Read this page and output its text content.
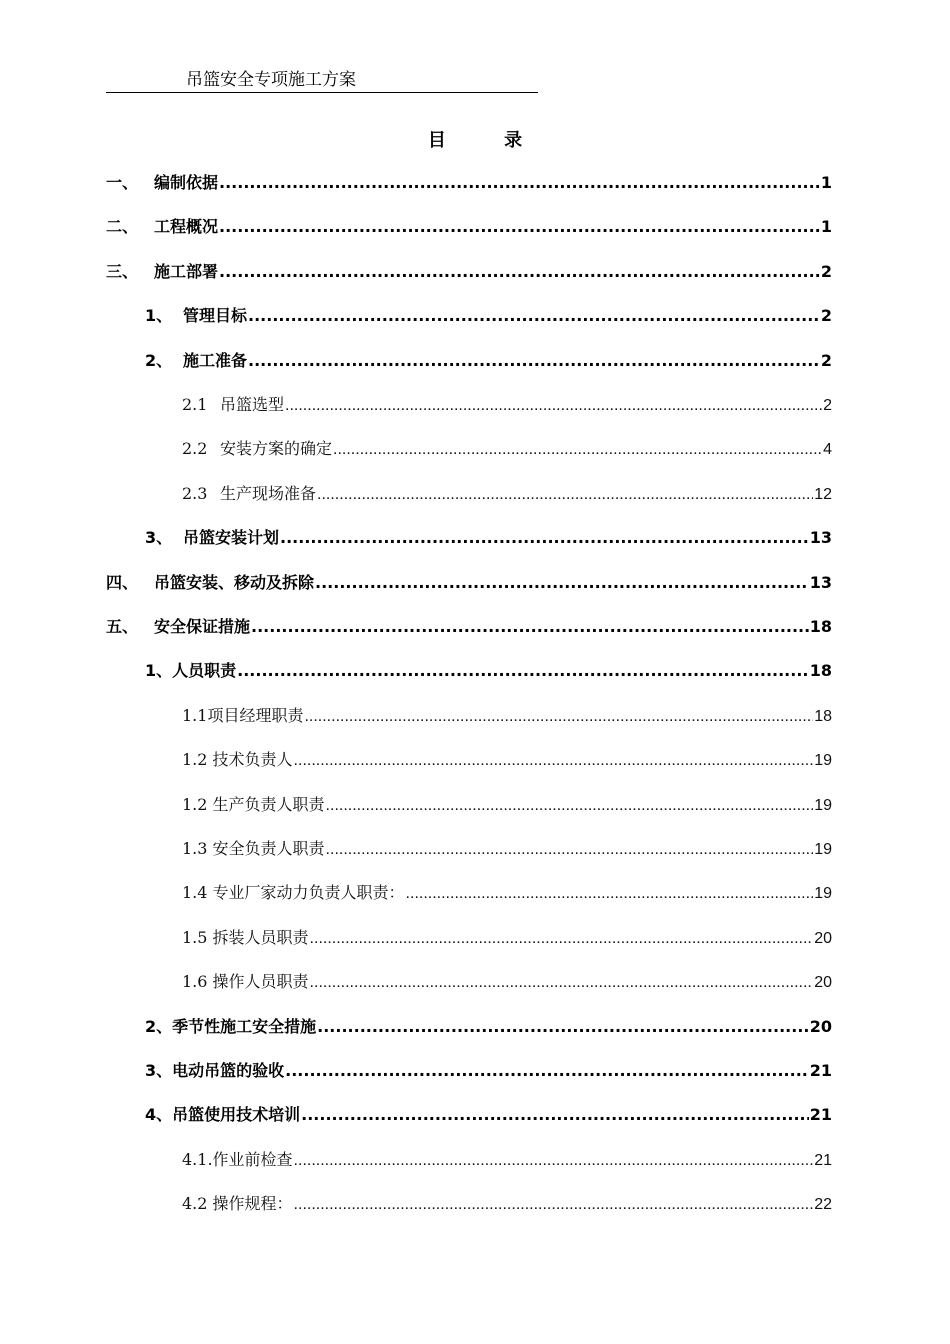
吊篮安全专项施工方案
目 录
一、 编制依据 .....	1
二、 工程概况 .....	1
三、 施工部署 .....	2
1、 管理目标 .....	2
2、 施工准备 .....	2
2.1 吊篮选型 .....	2
2.2 安装方案的确定 .....	4
2.3 生产现场准备 .....	12
3、 吊篮安装计划 .....	13
四、 吊篮安装、移动及拆除 .....	13
五、 安全保证措施 .....	18
1、人员职责 .....	18
1.1项目经理职责 .....	18
1.2 技术负责人 .....	19
1.2 生产负责人职责 .....	19
1.3 安全负责人职责 .....	19
1.4 专业厂家动力负责人职责： .....	19
1.5 拆装人员职责 .....	20
1.6 操作人员职责 .....	20
2、季节性施工安全措施 .....	20
3、电动吊篮的验收 .....	21
4、吊篮使用技术培训 .....	21
4.1.作业前检查 .....	21
4.2 操作规程： .....	22
